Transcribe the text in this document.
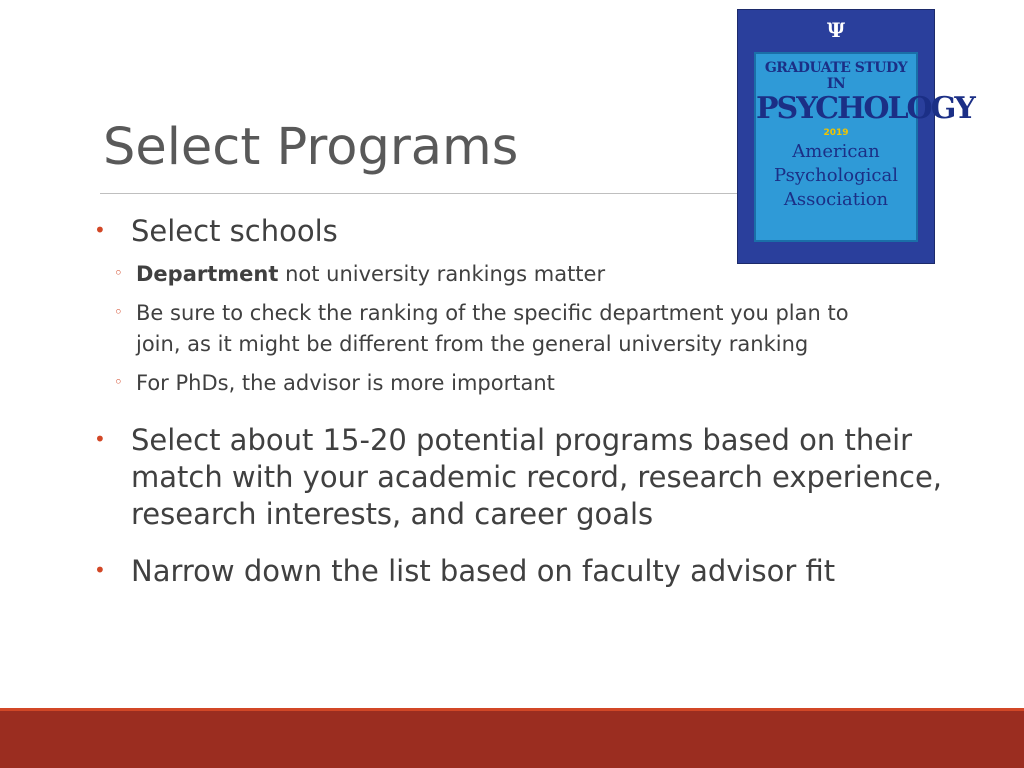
Select Programs
• Select schools
◦ Department not university rankings matter
◦ Be sure to check the ranking of the specific department you plan to
join, as it might be different from the general university ranking
◦ For PhDs, the advisor is more important
• Select about 15-20 potential programs based on their
match with your academic record, research experience,
research interests, and career goals
• Narrow down the list based on faculty advisor fit
Ψ
GRADUATE STUDY IN
PSYCHOLOGY
2019
American
Psychological
Association
